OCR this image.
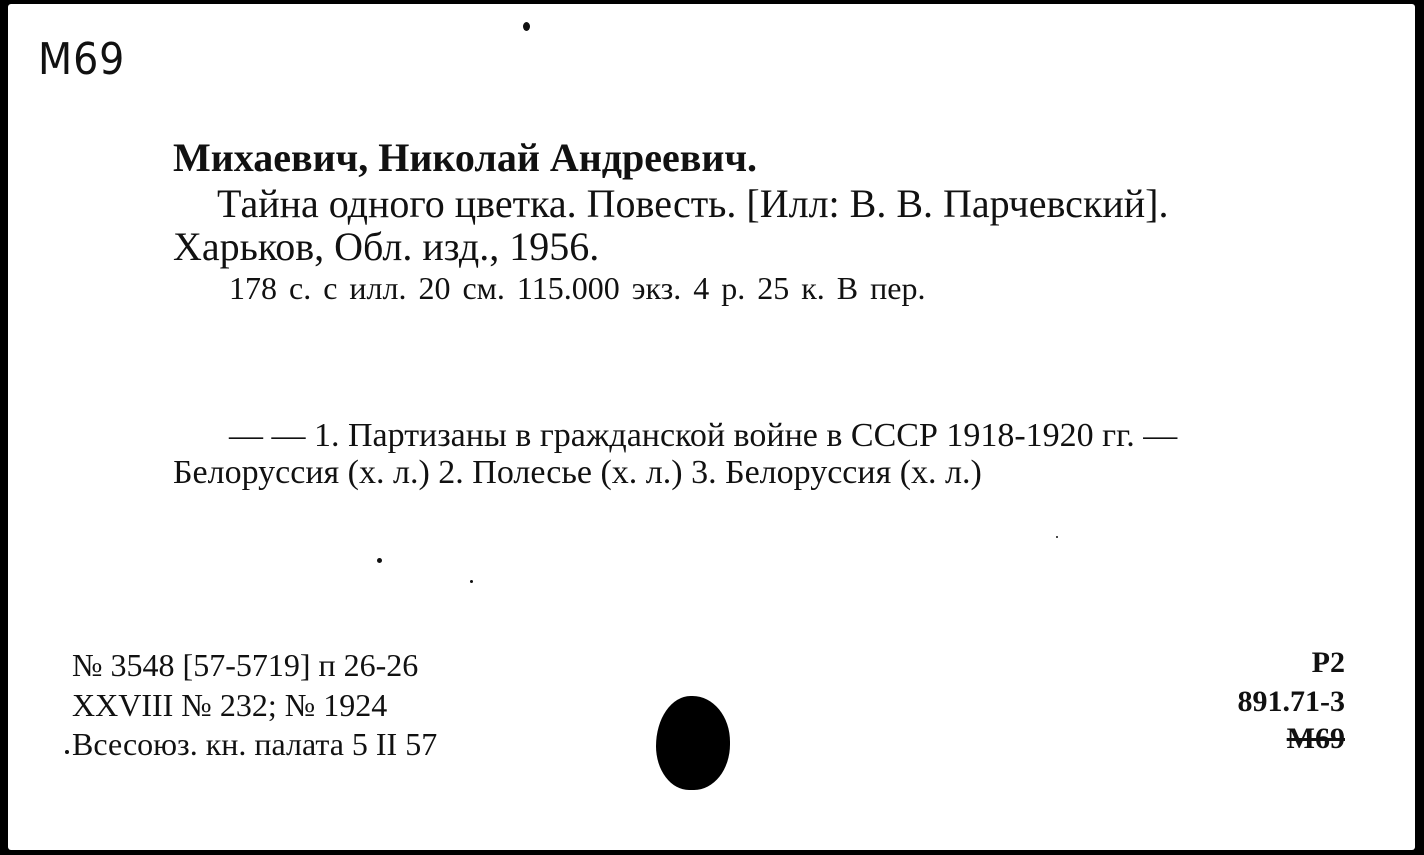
М69
Михаевич, Николай Андреевич.
Тайна одного цветка. Повесть. [Илл: В. В. Парчевский].
Харьков, Обл. изд., 1956.
178 с. с илл. 20 см. 115.000 экз. 4 р. 25 к. В пер.
— — 1. Партизаны в гражданской войне в СССР 1918-1920 гг. —
Белоруссия (х. л.) 2. Полесье (х. л.) 3. Белоруссия (х. л.)
№ 3548 [57-5719] п 26-26
XXVIII № 232; № 1924
Всесоюз. кн. палата 5 II 57
Р2
891.71-3
М69
